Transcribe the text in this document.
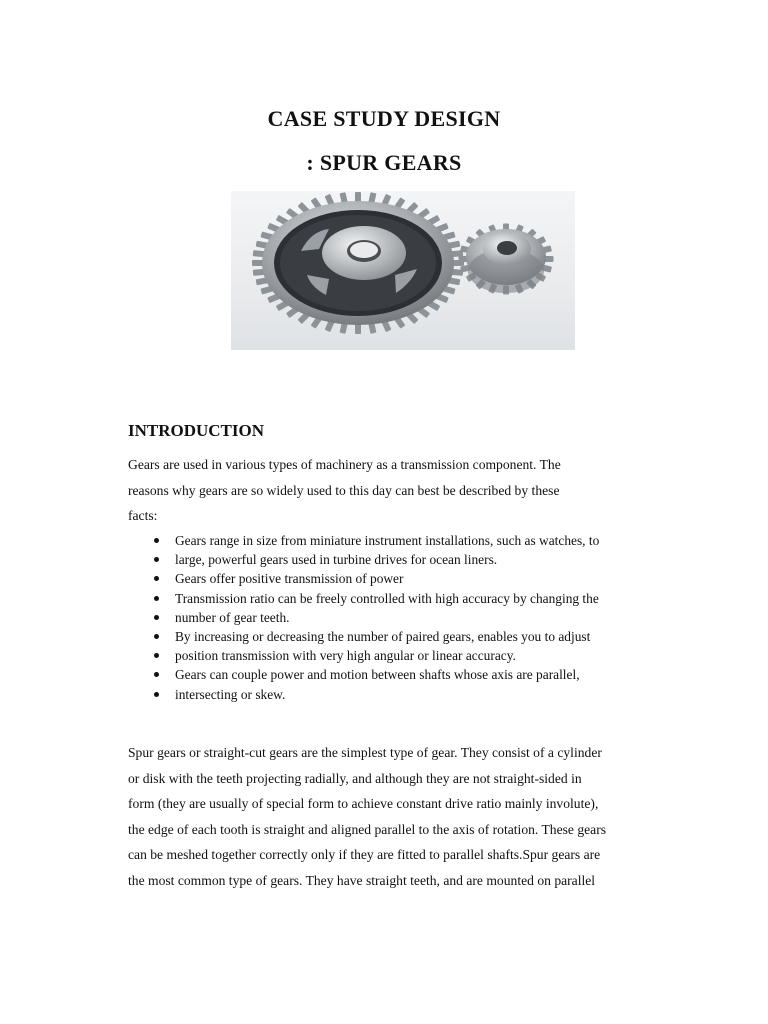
CASE STUDY DESIGN
: SPUR GEARS
INTRODUCTION
Gears are used in various types of machinery as a transmission component. The
reasons why gears are so widely used to this day can best be described by these
facts:
Gears range in size from miniature instrument installations, such as watches, to
large, powerful gears used in turbine drives for ocean liners.
Gears offer positive transmission of power
Transmission ratio can be freely controlled with high accuracy by changing the
number of gear teeth.
By increasing or decreasing the number of paired gears, enables you to adjust
position transmission with very high angular or linear accuracy.
Gears can couple power and motion between shafts whose axis are parallel,
intersecting or skew.
Spur gears or straight-cut gears are the simplest type of gear. They consist of a cylinder
or disk with the teeth projecting radially, and although they are not straight-sided in
form (they are usually of special form to achieve constant drive ratio mainly involute),
the edge of each tooth is straight and aligned parallel to the axis of rotation. These gears
can be meshed together correctly only if they are fitted to parallel shafts.Spur gears are
the most common type of gears. They have straight teeth, and are mounted on parallel
